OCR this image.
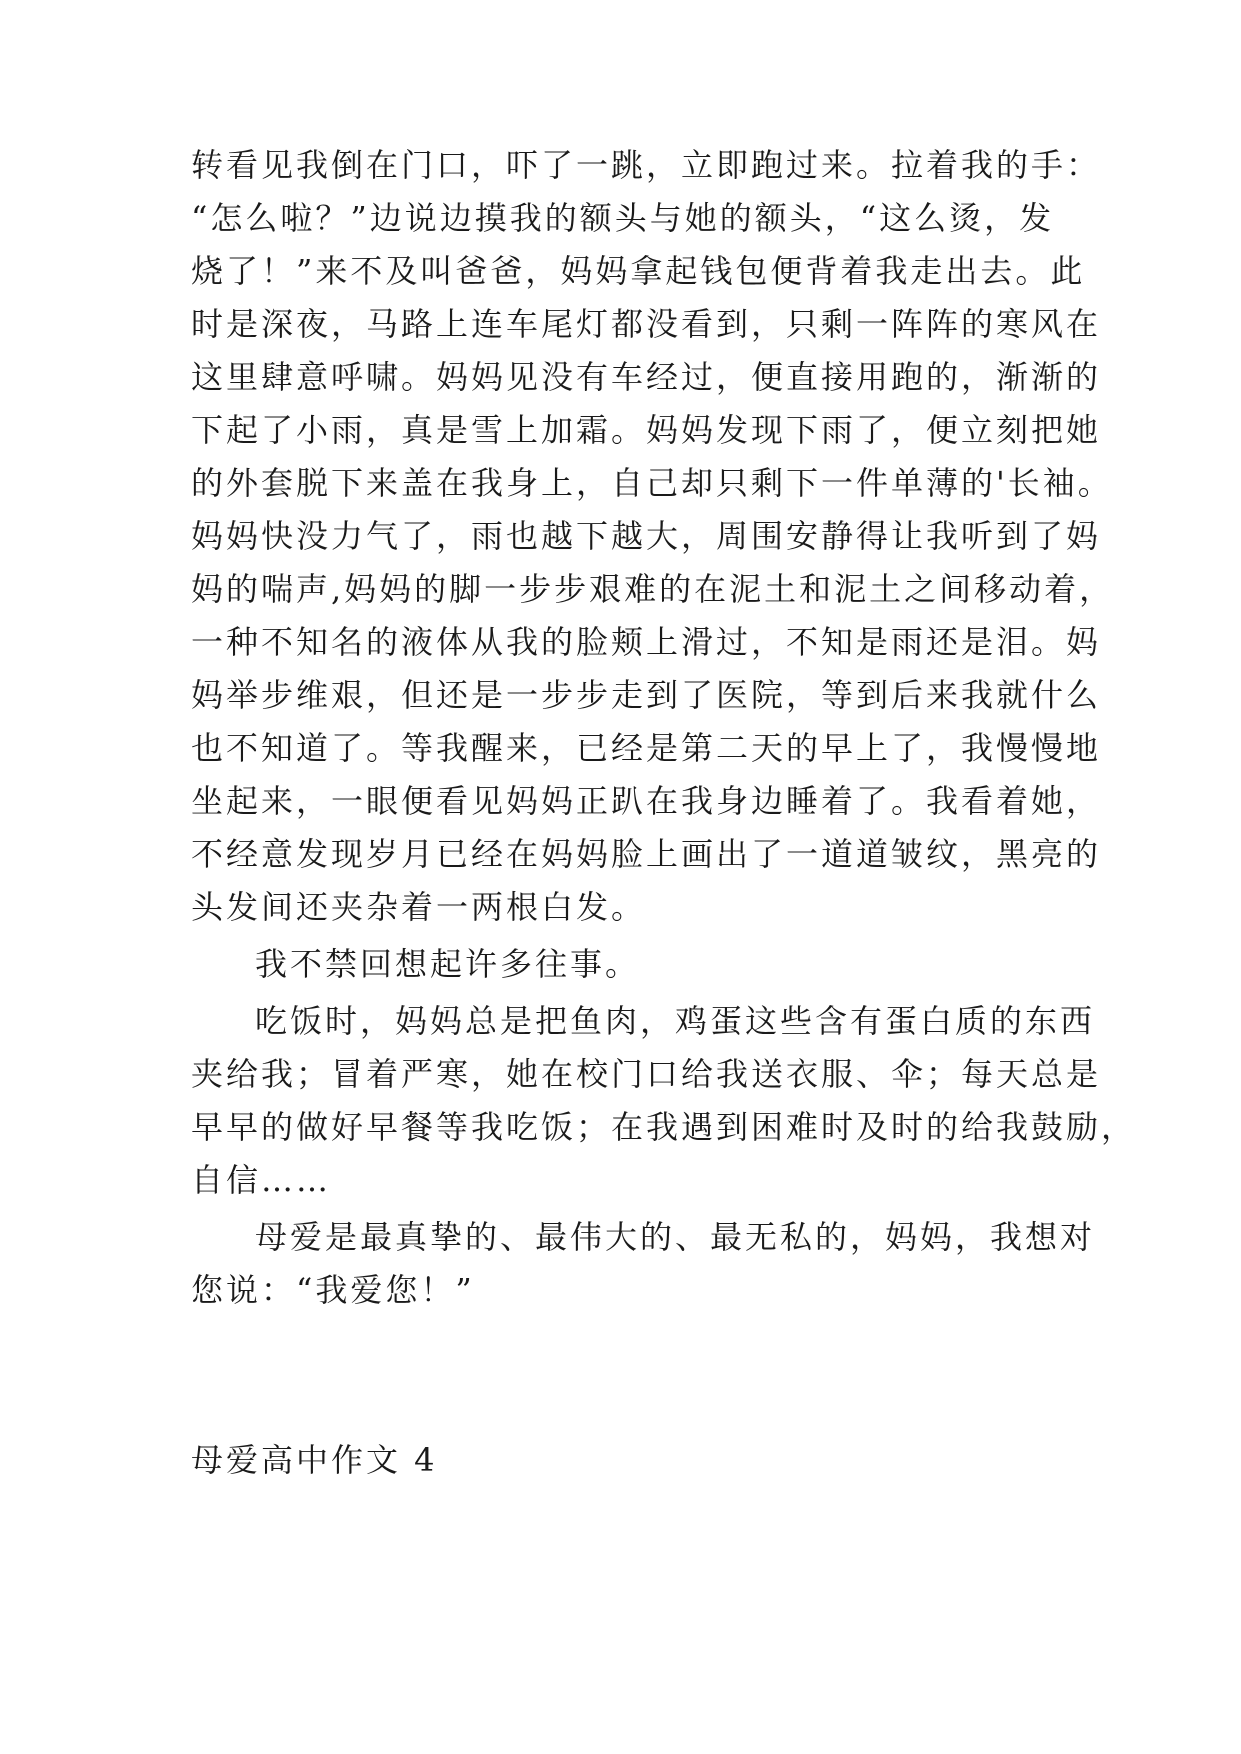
转看见我倒在门口，吓了一跳，立即跑过来。拉着我的手：
“怎么啦？”边说边摸我的额头与她的额头，“这么烫，发
烧了！”来不及叫爸爸，妈妈拿起钱包便背着我走出去。此
时是深夜，马路上连车尾灯都没看到，只剩一阵阵的寒风在
这里肆意呼啸。妈妈见没有车经过，便直接用跑的，渐渐的
下起了小雨，真是雪上加霜。妈妈发现下雨了，便立刻把她
的外套脱下来盖在我身上，自己却只剩下一件单薄的'长袖。
妈妈快没力气了，雨也越下越大，周围安静得让我听到了妈
妈的喘声,妈妈的脚一步步艰难的在泥土和泥土之间移动着，
一种不知名的液体从我的脸颊上滑过，不知是雨还是泪。妈
妈举步维艰，但还是一步步走到了医院，等到后来我就什么
也不知道了。等我醒来，已经是第二天的早上了，我慢慢地
坐起来，一眼便看见妈妈正趴在我身边睡着了。我看着她，
不经意发现岁月已经在妈妈脸上画出了一道道皱纹，黑亮的
头发间还夹杂着一两根白发。
我不禁回想起许多往事。
吃饭时，妈妈总是把鱼肉，鸡蛋这些含有蛋白质的东西
夹给我；冒着严寒，她在校门口给我送衣服、伞；每天总是
早早的做好早餐等我吃饭；在我遇到困难时及时的给我鼓励，
自信……
母爱是最真挚的、最伟大的、最无私的，妈妈，我想对
您说：“我爱您！”
母爱高中作文 4
